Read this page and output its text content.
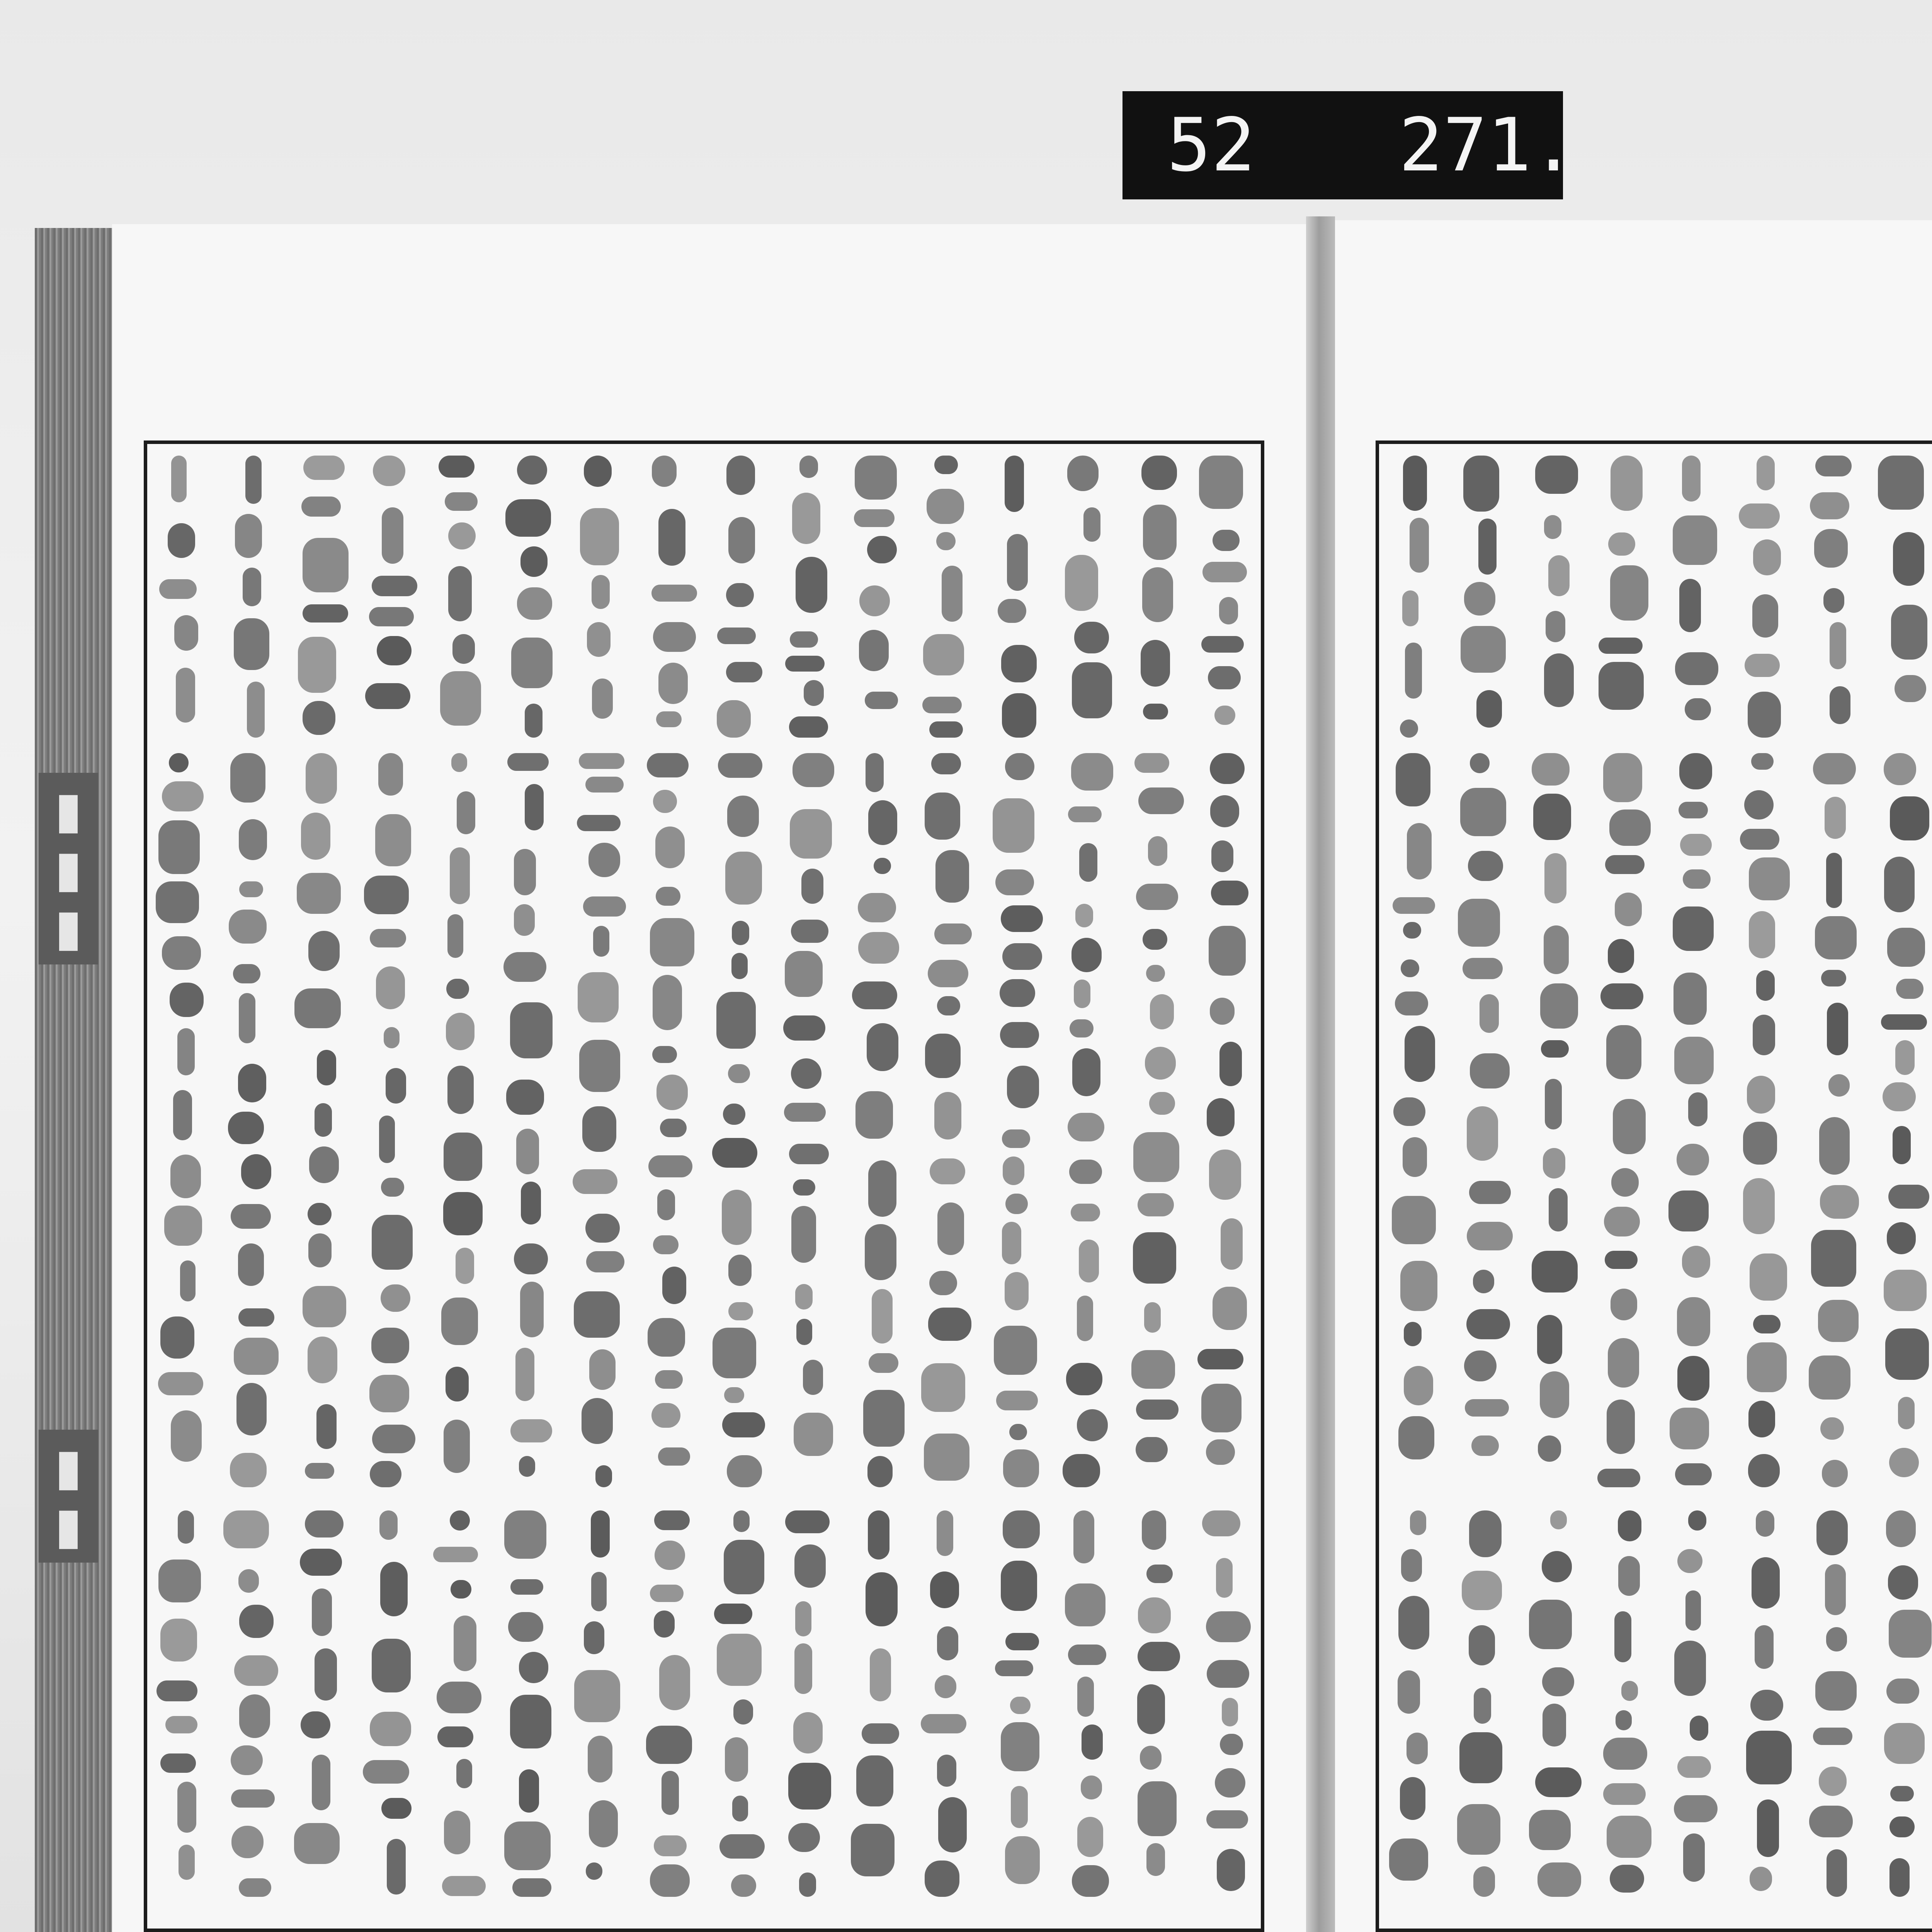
52 271.
▮▮▮
▮▮
